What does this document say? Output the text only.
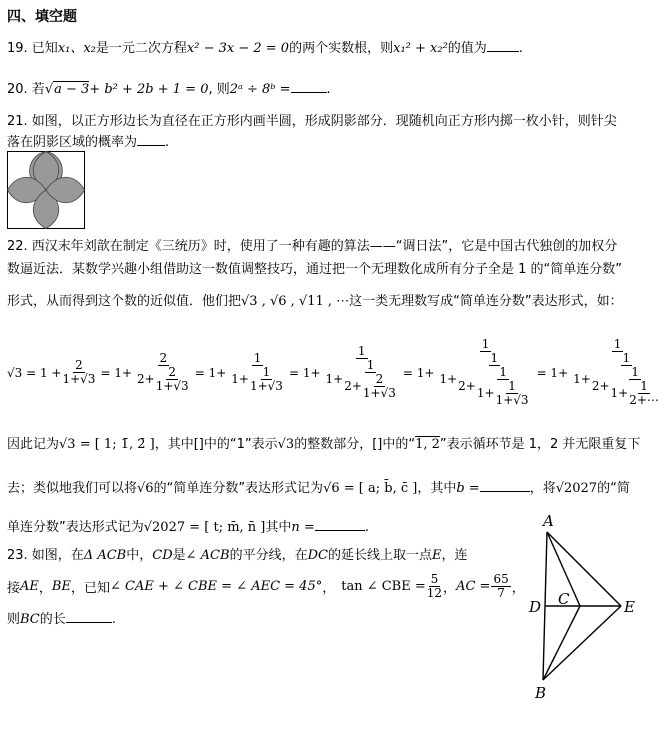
四、填空题
19. 已知x₁、x₂是一元二次方程x² − 3x − 2 = 0的两个实数根，则x₁² + x₂²的值为 .
20. 若√a − 3+ b² + 2b + 1 = 0, 则2ᵃ ÷ 8ᵇ =	.
21. 如图，以正方形边长为直径在正方形内画半圆，形成阴影部分．现随机向正方形内掷一枚小针，则针尖
落在阴影区域的概率为 .
22. 西汉末年刘歆在制定《三统历》时，使用了一种有趣的算法——“调日法”，它是中国古代独创的加权分
数逼近法．某数学兴趣小组借助这一数值调整技巧，通过把一个无理数化成所有分子全是 1 的“简单连分数”
形式，从而得到这个数的近似值．他们把√3 , √6 , √11 , ⋯这一类无理数写成“简单连分数”表达形式，如：
$√3 = 1 + \frac{2}{1+√3} = 1+ \frac{2}{2+ \frac{2}{1+√3}} = 1+ \frac{1}{1+ \frac{1}{1+√3}} = 1+ \frac{1}{1+ \frac{1}{2+ \frac{2}{1+√3}}} = 1+ \frac{1}{1+ \frac{1}{2+ \frac{1}{1+ \frac{1}{1+√3}}}} = 1+ \frac{1}{1+ \frac{1}{2+ \frac{1}{1+ \frac{1}{2+\cdots}}}}$
因此记为√3 = [ 1; 1̄, 2̄ ]，其中[]中的“1”表示√3的整数部分，[]中的“1, 2”表示循环节是 1，2 并无限重复下
去；类似地我们可以将√6的“简单连分数”表达形式记为√6 = [ a; b̄, c̄ ]，其中b =	，将√2027的“简
单连分数”表达形式记为√2027 = [ t; m̄, n̄ ]其中n =	.
23. 如图，在Δ ACB中，CD是∠ ACB的平分线，在DC的延长线上取一点E，连
接 AE ， BE ，已知 ∠ CAE + ∠ CBE = ∠ AEC = 45° ， tan ∠ CBE = $\frac{5}{12}$ ， AC = $\frac{65}{7}$ ，
则BC的长	.
A
B
C
D	E
